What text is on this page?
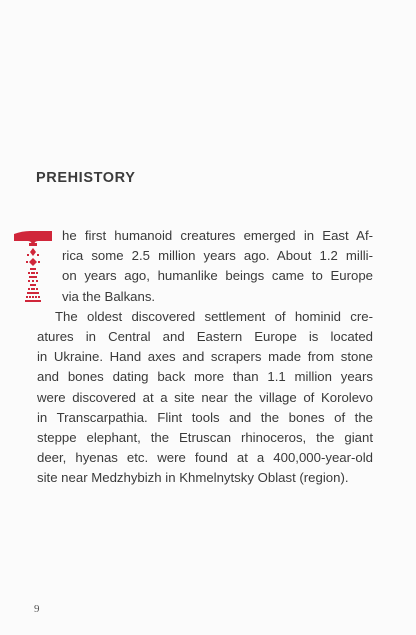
PREHISTORY
he first humanoid creatures emerged in East Af-
rica some 2.5 million years ago. About 1.2 milli-
on years ago, humanlike beings came to Europe
via the Balkans.
The oldest discovered settlement of hominid cre-
atures in Central and Eastern Europe is located
in Ukraine. Hand axes and scrapers made from stone
and bones dating back more than 1.1 million years
were discovered at a site near the village of Korolevo
in Transcarpathia. Flint tools and the bones of the
steppe elephant, the Etruscan rhinoceros, the giant
deer, hyenas etc. were found at a 400,000-year-old
site near Medzhybizh in Khmelnytsky Oblast (region).
9
